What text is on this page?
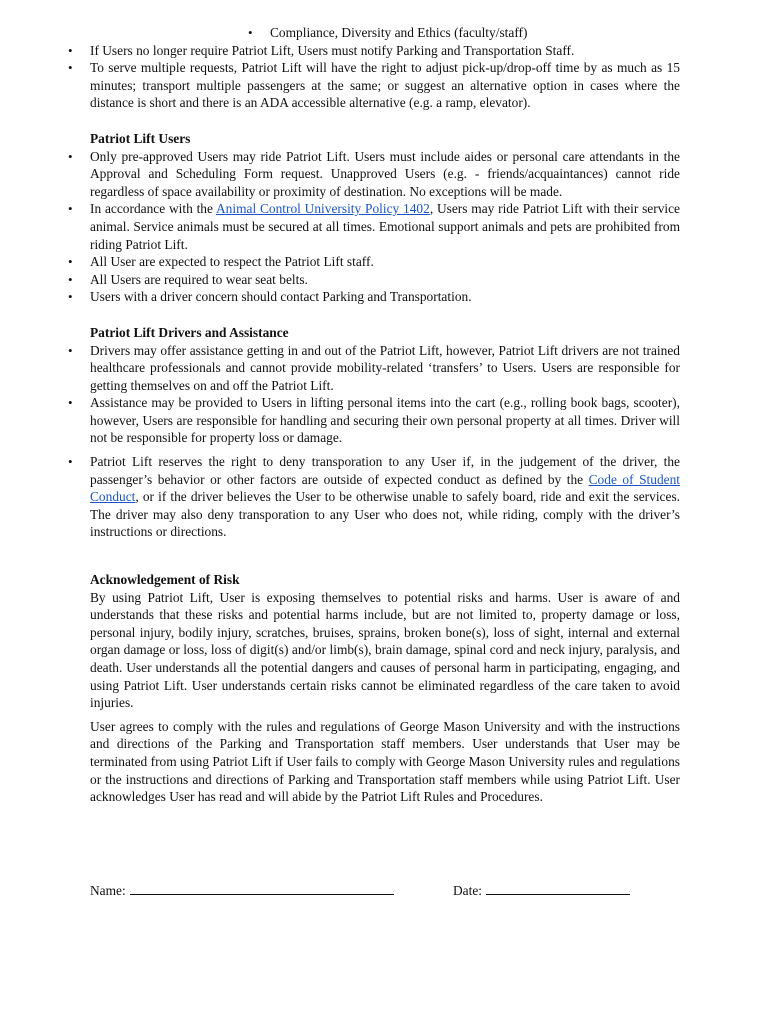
• Compliance, Diversity and Ethics (faculty/staff)
• If Users no longer require Patriot Lift, Users must notify Parking and Transportation Staff.
• To serve multiple requests, Patriot Lift will have the right to adjust pick-up/drop-off time by as much as 15 minutes; transport multiple passengers at the same; or suggest an alternative option in cases where the distance is short and there is an ADA accessible alternative (e.g. a ramp, elevator).
Patriot Lift Users
• Only pre-approved Users may ride Patriot Lift. Users must include aides or personal care attendants in the Approval and Scheduling Form request. Unapproved Users (e.g. - friends/acquaintances) cannot ride regardless of space availability or proximity of destination. No exceptions will be made.
• In accordance with the Animal Control University Policy 1402, Users may ride Patriot Lift with their service animal. Service animals must be secured at all times. Emotional support animals and pets are prohibited from riding Patriot Lift.
• All User are expected to respect the Patriot Lift staff.
• All Users are required to wear seat belts.
• Users with a driver concern should contact Parking and Transportation.
Patriot Lift Drivers and Assistance
• Drivers may offer assistance getting in and out of the Patriot Lift, however, Patriot Lift drivers are not trained healthcare professionals and cannot provide mobility-related ‘transfers’ to Users. Users are responsible for getting themselves on and off the Patriot Lift.
• Assistance may be provided to Users in lifting personal items into the cart (e.g., rolling book bags, scooter), however, Users are responsible for handling and securing their own personal property at all times. Driver will not be responsible for property loss or damage.
• Patriot Lift reserves the right to deny transporation to any User if, in the judgement of the driver, the passenger’s behavior or other factors are outside of expected conduct as defined by the Code of Student Conduct, or if the driver believes the User to be otherwise unable to safely board, ride and exit the services. The driver may also deny transporation to any User who does not, while riding, comply with the driver’s instructions or directions.
Acknowledgement of Risk

By using Patriot Lift, User is exposing themselves to potential risks and harms. User is aware of and understands that these risks and potential harms include, but are not limited to, property damage or loss, personal injury, bodily injury, scratches, bruises, sprains, broken bone(s), loss of sight, internal and external organ damage or loss, loss of digit(s) and/or limb(s), brain damage, spinal cord and neck injury, paralysis, and death. User understands all the potential dangers and causes of personal harm in participating, engaging, and using Patriot Lift. User understands certain risks cannot be eliminated regardless of the care taken to avoid injuries.

User agrees to comply with the rules and regulations of George Mason University and with the instructions and directions of the Parking and Transportation staff members. User understands that User may be terminated from using Patriot Lift if User fails to comply with George Mason University rules and regulations or the instructions and directions of Parking and Transportation staff members while using Patriot Lift. User acknowledges User has read and will abide by the Patriot Lift Rules and Procedures.

Name:	Date:
